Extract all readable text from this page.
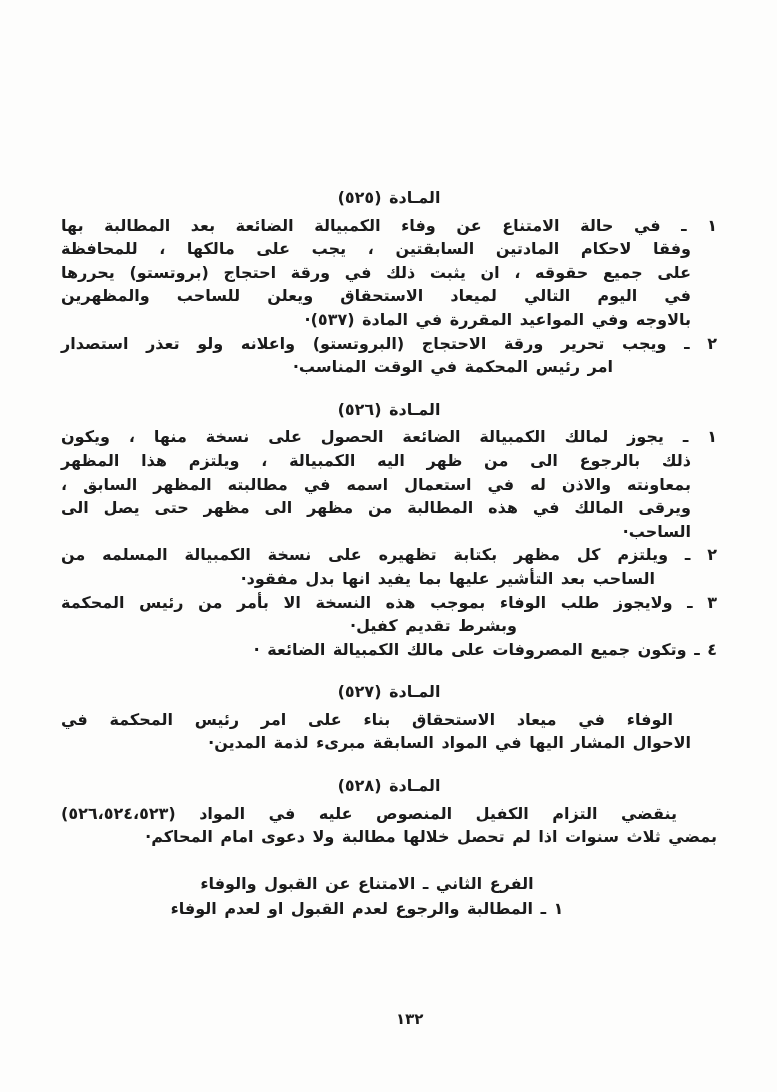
المـادة (٥٢٥)
١ ـ في حالة الامتناع عن وفاء الكمبيالة الضائعة بعد المطالبة بها
وفقا لاحكام المادتين السابقتين ، يجب على مالكها ، للمحافظة
على جميع حقوقه ، ان يثبت ذلك في ورقة احتجاج (بروتستو) يحررها
في اليوم التالي لميعاد الاستحقاق ويعلن للساحب والمظهرين
بالاوجه وفي المواعيد المقررة في المادة (٥٣٧)·
٢ ـ ويجب تحرير ورقة الاحتجاج (البروتستو) واعلانه ولو تعذر استصدار
امر رئيس المحكمة في الوقت المناسب·
المـادة (٥٢٦)
١ ـ يجوز لمالك الكمبيالة الضائعة الحصول على نسخة منها ، ويكون
ذلك بالرجوع الى من ظهر اليه الكمبيالة ، ويلتزم هذا المظهر
بمعاونته والاذن له في استعمال اسمه في مطالبته المظهر السابق ،
ويرقى المالك في هذه المطالبة من مظهر الى مظهر حتى يصل الى
الساحب·
٢ ـ ويلتزم كل مظهر بكتابة تظهيره على نسخة الكمبيالة المسلمه من
الساحب بعد التأشير عليها بما يفيد انها بدل مفقود·
٣ ـ ولايجوز طلب الوفاء بموجب هذه النسخة الا بأمر من رئيس المحكمة
وبشرط تقديم كفيل·
٤ ـ وتكون جميع المصروفات على مالك الكمبيالة الضائعة ·
المـادة (٥٢٧)
الوفاء في ميعاد الاستحقاق بناء على امر رئيس المحكمة في
الاحوال المشار اليها في المواد السابقة مبرىء لذمة المدين·
المـادة (٥٢٨)
ينقضي التزام الكفيل المنصوص عليه في المواد (٥٢٦،٥٢٤،٥٢٣)
بمضي ثلاث سنوات اذا لم تحصل خلالها مطالبة ولا دعوى امام المحاكم·
الفرع الثاني ـ الامتناع عن القبول والوفاء
١ ـ المطالبة والرجوع لعدم القبول او لعدم الوفاء
١٣٢
